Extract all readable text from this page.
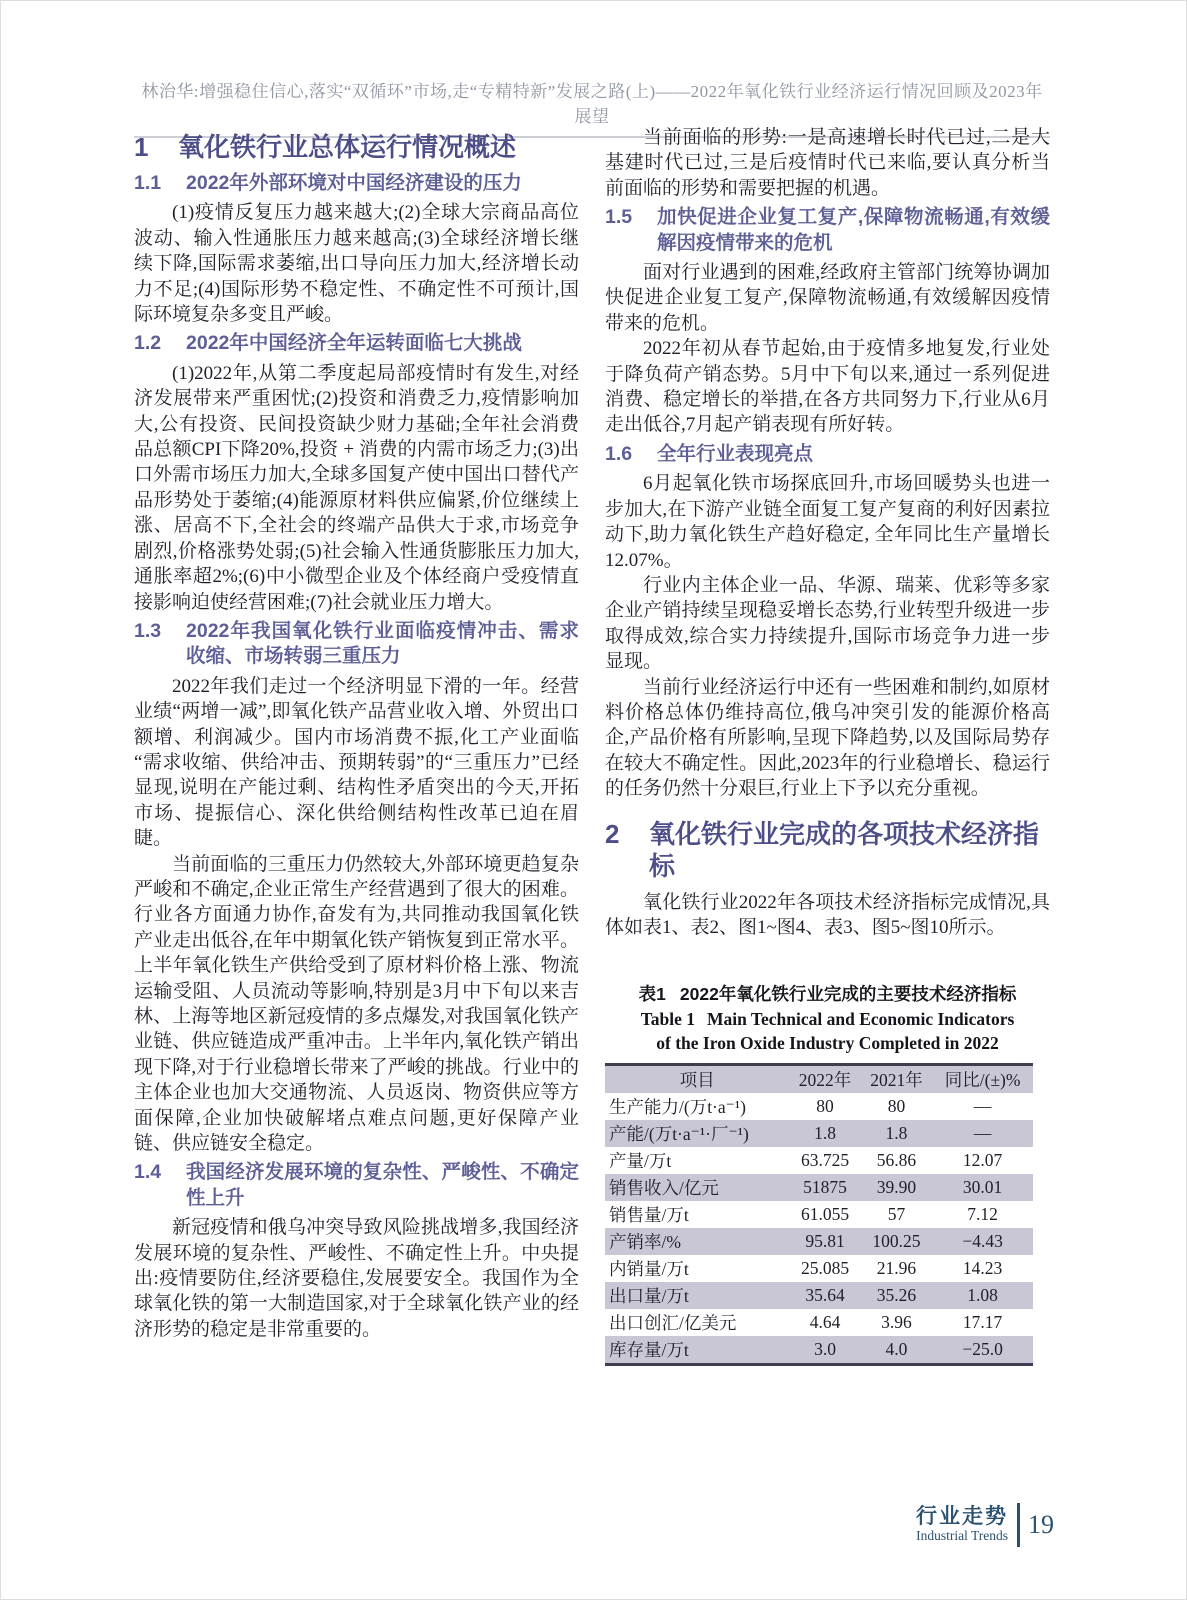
林治华:增强稳住信心,落实“双循环”市场,走“专精特新”发展之路(上)——2022年氧化铁行业经济运行情况回顾及2023年展望
1	氧化铁行业总体运行情况概述
1.1	2022年外部环境对中国经济建设的压力

(1)疫情反复压力越来越大;(2)全球大宗商品高位波动、输入性通胀压力越来越高;(3)全球经济增长继续下降,国际需求萎缩,出口导向压力加大,经济增长动力不足;(4)国际形势不稳定性、不确定性不可预计,国际环境复杂多变且严峻。

1.2	2022年中国经济全年运转面临七大挑战

(1)2022年,从第二季度起局部疫情时有发生,对经济发展带来严重困忧;(2)投资和消费乏力,疫情影响加大,公有投资、民间投资缺少财力基础;全年社会消费品总额CPI下降20%,投资 + 消费的内需市场乏力;(3)出口外需市场压力加大,全球多国复产使中国出口替代产品形势处于萎缩;(4)能源原材料供应偏紧,价位继续上涨、居高不下,全社会的终端产品供大于求,市场竞争剧烈,价格涨势处弱;(5)社会输入性通货膨胀压力加大,通胀率超2%;(6)中小微型企业及个体经商户受疫情直接影响迫使经营困难;(7)社会就业压力增大。

1.3	2022年我国氧化铁行业面临疫情冲击、需求收缩、市场转弱三重压力

2022年我们走过一个经济明显下滑的一年。经营业绩“两增一减”,即氧化铁产品营业收入增、外贸出口额增、利润减少。国内市场消费不振,化工产业面临“需求收缩、供给冲击、预期转弱”的“三重压力”已经显现,说明在产能过剩、结构性矛盾突出的今天,开拓市场、提振信心、深化供给侧结构性改革已迫在眉睫。

当前面临的三重压力仍然较大,外部环境更趋复杂严峻和不确定,企业正常生产经营遇到了很大的困难。行业各方面通力协作,奋发有为,共同推动我国氧化铁产业走出低谷,在年中期氧化铁产销恢复到正常水平。上半年氧化铁生产供给受到了原材料价格上涨、物流运输受阻、人员流动等影响,特别是3月中下旬以来吉林、上海等地区新冠疫情的多点爆发,对我国氧化铁产业链、供应链造成严重冲击。上半年内,氧化铁产销出现下降,对于行业稳增长带来了严峻的挑战。行业中的主体企业也加大交通物流、人员返岗、物资供应等方面保障,企业加快破解堵点难点问题,更好保障产业链、供应链安全稳定。

1.4	我国经济发展环境的复杂性、严峻性、不确定性上升

新冠疫情和俄乌冲突导致风险挑战增多,我国经济发展环境的复杂性、严峻性、不确定性上升。中央提出:疫情要防住,经济要稳住,发展要安全。我国作为全球氧化铁的第一大制造国家,对于全球氧化铁产业的经济形势的稳定是非常重要的。

当前面临的形势:一是高速增长时代已过,二是大基建时代已过,三是后疫情时代已来临,要认真分析当前面临的形势和需要把握的机遇。

1.5	加快促进企业复工复产,保障物流畅通,有效缓解因疫情带来的危机

面对行业遇到的困难,经政府主管部门统筹协调加快促进企业复工复产,保障物流畅通,有效缓解因疫情带来的危机。

2022年初从春节起始,由于疫情多地复发,行业处于降负荷产销态势。5月中下旬以来,通过一系列促进消费、稳定增长的举措,在各方共同努力下,行业从6月走出低谷,7月起产销表现有所好转。

1.6	全年行业表现亮点

6月起氧化铁市场探底回升,市场回暖势头也进一步加大,在下游产业链全面复工复产复商的利好因素拉动下,助力氧化铁生产趋好稳定, 全年同比生产量增长12.07%。

行业内主体企业一品、华源、瑞莱、优彩等多家企业产销持续呈现稳妥增长态势,行业转型升级进一步取得成效,综合实力持续提升,国际市场竞争力进一步显现。

当前行业经济运行中还有一些困难和制约,如原材料价格总体仍维持高位,俄乌冲突引发的能源价格高企,产品价格有所影响,呈现下降趋势,以及国际局势存在较大不确定性。因此,2023年的行业稳增长、稳运行的任务仍然十分艰巨,行业上下予以充分重视。

2	氧化铁行业完成的各项技术经济指标

氧化铁行业2022年各项技术经济指标完成情况,具体如表1、表2、图1~图4、表3、图5~图10所示。

表1 2022年氧化铁行业完成的主要技术经济指标
Table 1 Main Technical and Economic Indicators of the Iron Oxide Industry Completed in 2022
项目	2022年	2021年	同比/(±)%
生产能力/(万t·a⁻¹)	80	80	—
产能/(万t·a⁻¹·厂⁻¹)	1.8	1.8	—
产量/万t	63.725	56.86	12.07
销售收入/亿元	51875	39.90	30.01
销售量/万t	61.055	57	7.12
产销率/%	95.81	100.25	−4.43
内销量/万t	25.085	21.96	14.23
出口量/万t	35.64	35.26	1.08
出口创汇/亿美元	4.64	3.96	17.17
库存量/万t	3.0	4.0	−25.0
行业走势
Industrial Trends 19
